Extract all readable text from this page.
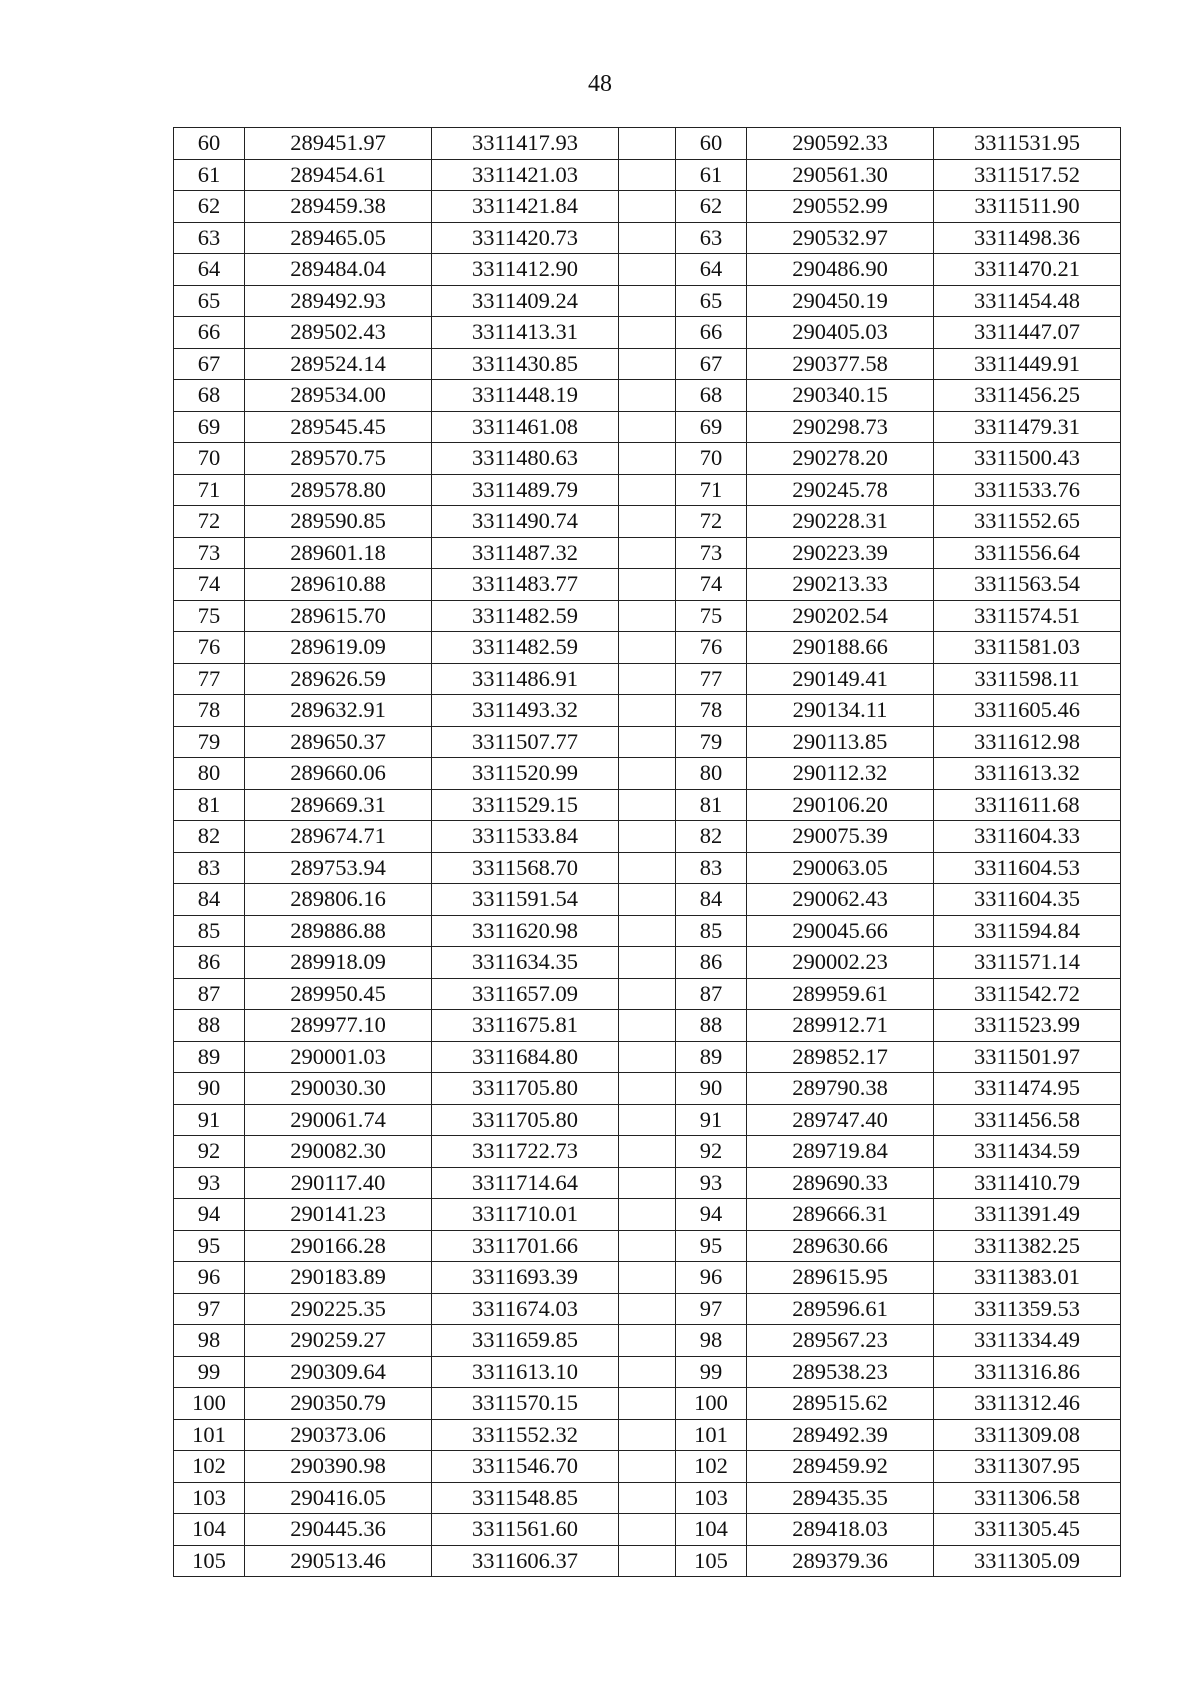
48
60	289451.97	3311417.93		60	290592.33	3311531.95
61	289454.61	3311421.03		61	290561.30	3311517.52
62	289459.38	3311421.84		62	290552.99	3311511.90
63	289465.05	3311420.73		63	290532.97	3311498.36
64	289484.04	3311412.90		64	290486.90	3311470.21
65	289492.93	3311409.24		65	290450.19	3311454.48
66	289502.43	3311413.31		66	290405.03	3311447.07
67	289524.14	3311430.85		67	290377.58	3311449.91
68	289534.00	3311448.19		68	290340.15	3311456.25
69	289545.45	3311461.08		69	290298.73	3311479.31
70	289570.75	3311480.63		70	290278.20	3311500.43
71	289578.80	3311489.79		71	290245.78	3311533.76
72	289590.85	3311490.74		72	290228.31	3311552.65
73	289601.18	3311487.32		73	290223.39	3311556.64
74	289610.88	3311483.77		74	290213.33	3311563.54
75	289615.70	3311482.59		75	290202.54	3311574.51
76	289619.09	3311482.59		76	290188.66	3311581.03
77	289626.59	3311486.91		77	290149.41	3311598.11
78	289632.91	3311493.32		78	290134.11	3311605.46
79	289650.37	3311507.77		79	290113.85	3311612.98
80	289660.06	3311520.99		80	290112.32	3311613.32
81	289669.31	3311529.15		81	290106.20	3311611.68
82	289674.71	3311533.84		82	290075.39	3311604.33
83	289753.94	3311568.70		83	290063.05	3311604.53
84	289806.16	3311591.54		84	290062.43	3311604.35
85	289886.88	3311620.98		85	290045.66	3311594.84
86	289918.09	3311634.35		86	290002.23	3311571.14
87	289950.45	3311657.09		87	289959.61	3311542.72
88	289977.10	3311675.81		88	289912.71	3311523.99
89	290001.03	3311684.80		89	289852.17	3311501.97
90	290030.30	3311705.80		90	289790.38	3311474.95
91	290061.74	3311705.80		91	289747.40	3311456.58
92	290082.30	3311722.73		92	289719.84	3311434.59
93	290117.40	3311714.64		93	289690.33	3311410.79
94	290141.23	3311710.01		94	289666.31	3311391.49
95	290166.28	3311701.66		95	289630.66	3311382.25
96	290183.89	3311693.39		96	289615.95	3311383.01
97	290225.35	3311674.03		97	289596.61	3311359.53
98	290259.27	3311659.85		98	289567.23	3311334.49
99	290309.64	3311613.10		99	289538.23	3311316.86
100	290350.79	3311570.15		100	289515.62	3311312.46
101	290373.06	3311552.32		101	289492.39	3311309.08
102	290390.98	3311546.70		102	289459.92	3311307.95
103	290416.05	3311548.85		103	289435.35	3311306.58
104	290445.36	3311561.60		104	289418.03	3311305.45
105	290513.46	3311606.37		105	289379.36	3311305.09
